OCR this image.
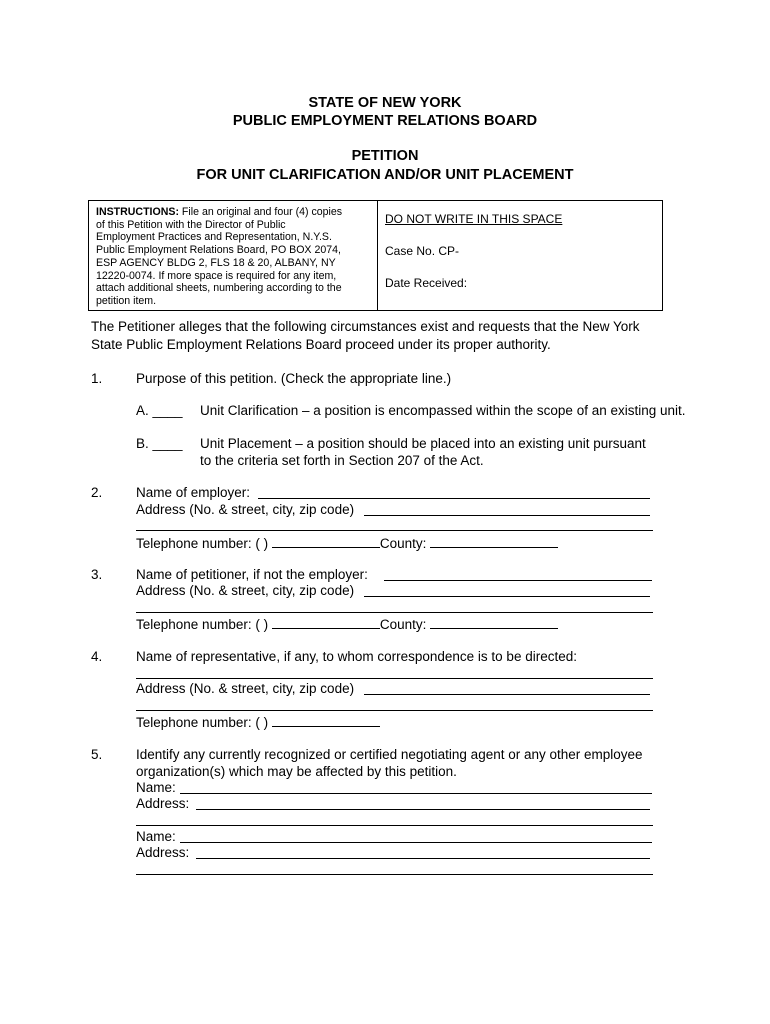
STATE OF NEW YORK
PUBLIC EMPLOYMENT RELATIONS BOARD
PETITION
FOR UNIT CLARIFICATION AND/OR UNIT PLACEMENT
INSTRUCTIONS: File an original and four (4) copies
of this Petition with the Director of Public
Employment Practices and Representation, N.Y.S.
Public Employment Relations Board, PO BOX 2074,
ESP AGENCY BLDG 2, FLS 18 & 20, ALBANY, NY
12220-0074. If more space is required for any item,
attach additional sheets, numbering according to the
petition item.
DO NOT WRITE IN THIS SPACE
Case No. CP-
Date Received:
The Petitioner alleges that the following circumstances exist and requests that the New York
State Public Employment Relations Board proceed under its proper authority.
1. Purpose of this petition. (Check the appropriate line.)
A. ____ Unit Clarification – a position is encompassed within the scope of an existing unit.
B. ____ Unit Placement – a position should be placed into an existing unit pursuant
to the criteria set forth in Section 207 of the Act.
2. Name of employer:
Address (No. & street, city, zip code)
Telephone number: ( )	County:
3. Name of petitioner, if not the employer:
Address (No. & street, city, zip code)
Telephone number: ( )	County:
4. Name of representative, if any, to whom correspondence is to be directed:
Address (No. & street, city, zip code)
Telephone number: ( )
5. Identify any currently recognized or certified negotiating agent or any other employee
organization(s) which may be affected by this petition.
Name:
Address:
Name:
Address:
